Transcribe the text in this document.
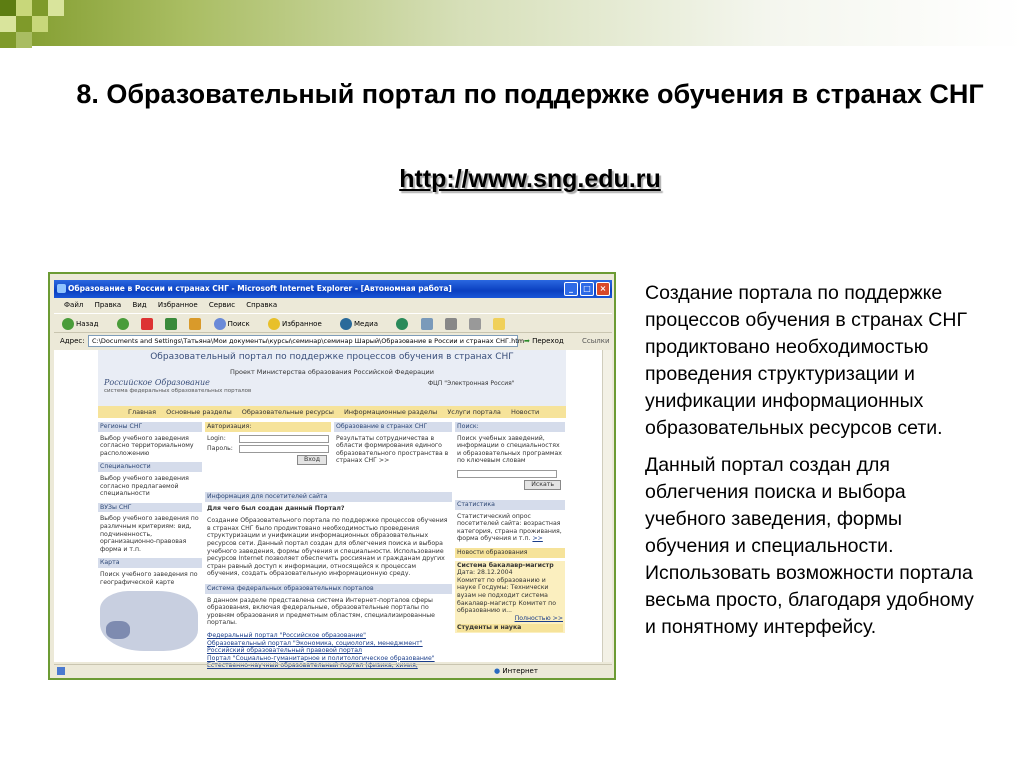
8. Образовательный портал по поддержке обучения в странах СНГ
http://www.sng.edu.ru
Образование в России и странах СНГ - Microsoft Internet Explorer - [Автономная работа]	_	□	×
Файл Правка Вид Избранное Сервис Справка
Назад	Поиск	Избранное	Медиа
Адрес:	C:\Documents and Settings\Татьяна\Мои документы\курсы\семинар\семинар Шарый\Образование в России и странах СНГ.htm ➡ Переход	Ссылки
Образовательный портал по поддержке процессов обучения в странах СНГ
Проект Министерства образования Российской Федерации
Российское Образование
система федеральных образовательных порталов
ФЦП "Электронная Россия"
Главная Основные разделы Образовательные ресурсы Информационные разделы Услуги портала Новости
Регионы СНГ
Выбор учебного заведения согласно территориальному расположению
Специальности
Выбор учебного заведения согласно предлагаемой специальности
ВУЗы СНГ
Выбор учебного заведения по различным критериям: вид, подчиненность, организационно-правовая форма и т.п.
Карта
Поиск учебного заведения по географической карте
Авторизация:
Login:
Пароль:
Вход
Образование в странах СНГ
Результаты сотрудничества в области формирования единого образовательного пространства в странах СНГ >>
Информация для посетителей сайта
Для чего был создан данный Портал?
Создание Образовательного портала по поддержке процессов обучения в странах СНГ было продиктовано необходимостью проведения структуризации и унификации информационных образовательных ресурсов сети. Данный портал создан для облегчения поиска и выбора учебного заведения, формы обучения и специальности. Использование ресурсов Internet позволяет обеспечить россиянам и гражданам других стран равный доступ к информации, относящейся к процессам обучения, создать образовательную информационную среду.
Система федеральных образовательных порталов
В данном разделе представлена система Интернет-порталов сферы образования, включая федеральные, образовательные порталы по уровням образования и предметным областям, специализированные порталы.
Федеральный портал "Российское образование"
Образовательный портал "Экономика, социология, менеджмент"
Российский образовательный правовой портал
Портал "Социально-гуманитарное и политологическое образование"
Естественно-научный образовательный портал (физика, химия,
Поиск:
Поиск учебных заведений, информации о специальностях и образовательных программах по ключевым словам
Искать
Статистика
Статистический опрос посетителей сайта: возрастная категория, страна проживания, форма обучения и т.п. >>
Новости образования
Система бакалавр-магистр
Дата: 28.12.2004
Комитет по образованию и науке Госдумы: Технически вузам не подходит система бакалавр-магистр Комитет по образованию и...
Полностью >>
Студенты и наука
● Интернет

Создание портала по поддержке процессов обучения в странах СНГ продиктовано необходимостью проведения структуризации и унификации информационных образовательных ресурсов сети.

Данный портал создан для облегчения поиска и выбора учебного заведения, формы обучения и специальности. Использовать возможности портала весьма просто, благодаря удобному и понятному интерфейсу.
